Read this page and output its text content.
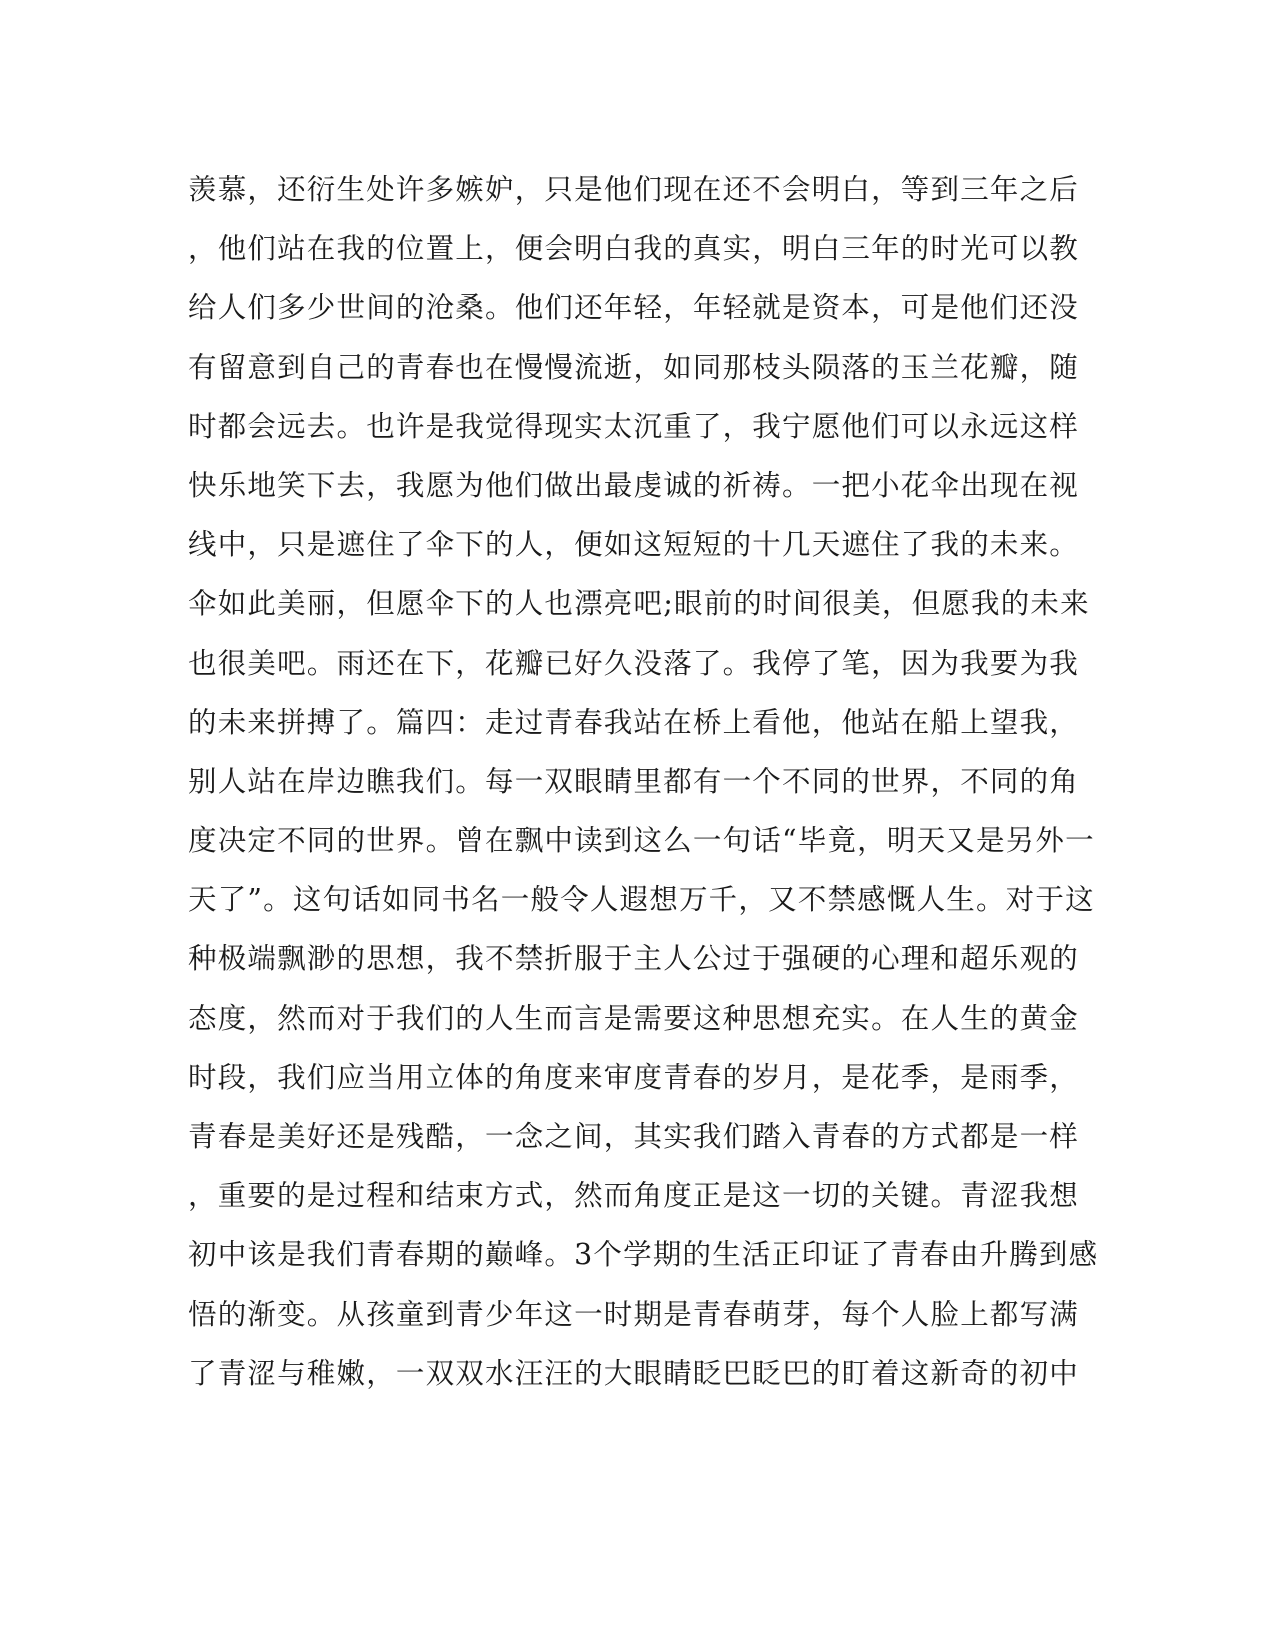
羡慕，还衍生处许多嫉妒，只是他们现在还不会明白，等到三年之后
，他们站在我的位置上，便会明白我的真实，明白三年的时光可以教
给人们多少世间的沧桑。他们还年轻，年轻就是资本，可是他们还没
有留意到自己的青春也在慢慢流逝，如同那枝头陨落的玉兰花瓣，随
时都会远去。也许是我觉得现实太沉重了，我宁愿他们可以永远这样
快乐地笑下去，我愿为他们做出最虔诚的祈祷。一把小花伞出现在视
线中，只是遮住了伞下的人，便如这短短的十几天遮住了我的未来。
伞如此美丽，但愿伞下的人也漂亮吧;眼前的时间很美，但愿我的未来
也很美吧。雨还在下，花瓣已好久没落了。我停了笔，因为我要为我
的未来拼搏了。篇四：走过青春我站在桥上看他，他站在船上望我，
别人站在岸边瞧我们。每一双眼睛里都有一个不同的世界，不同的角
度决定不同的世界。曾在飘中读到这么一句话“毕竟，明天又是另外一
天了”。这句话如同书名一般令人遐想万千，又不禁感慨人生。对于这
种极端飘渺的思想，我不禁折服于主人公过于强硬的心理和超乐观的
态度，然而对于我们的人生而言是需要这种思想充实。在人生的黄金
时段，我们应当用立体的角度来审度青春的岁月，是花季，是雨季，
青春是美好还是残酷，一念之间，其实我们踏入青春的方式都是一样
，重要的是过程和结束方式，然而角度正是这一切的关键。青涩我想
初中该是我们青春期的巅峰。3个学期的生活正印证了青春由升腾到感
悟的渐变。从孩童到青少年这一时期是青春萌芽，每个人脸上都写满
了青涩与稚嫩，一双双水汪汪的大眼睛眨巴眨巴的盯着这新奇的初中
